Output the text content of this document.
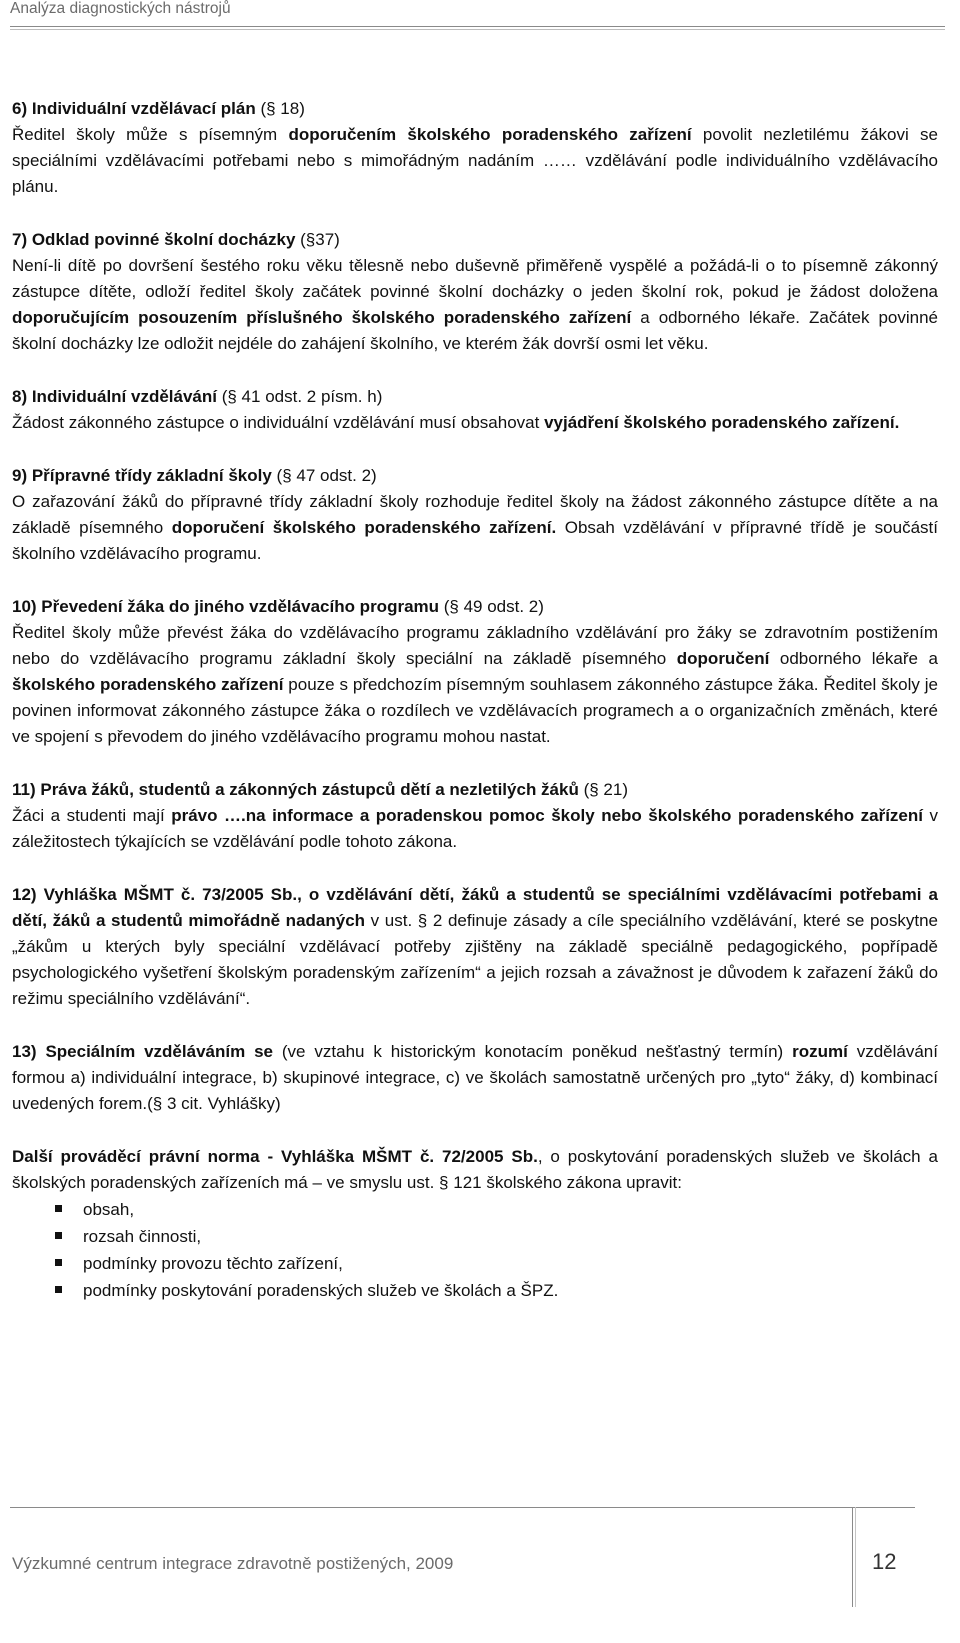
Analýza diagnostických nástrojů

6) Individuální vzdělávací plán (§ 18)

Ředitel školy může s písemným doporučením školského poradenského zařízení povolit nezletilému žákovi se speciálními vzdělávacími potřebami nebo s mimořádným nadáním …… vzdělávání podle individuálního vzdělávacího plánu.

7) Odklad povinné školní docházky (§37)

Není-li dítě po dovršení šestého roku věku tělesně nebo duševně přiměřeně vyspělé a požádá-li o to písemně zákonný zástupce dítěte, odloží ředitel školy začátek povinné školní docházky o jeden školní rok, pokud je žádost doložena doporučujícím posouzením příslušného školského poradenského zařízení a odborného lékaře. Začátek povinné školní docházky lze odložit nejdéle do zahájení školního, ve kterém žák dovrší osmi let věku.

8) Individuální vzdělávání (§ 41 odst. 2 písm. h)

Žádost zákonného zástupce o individuální vzdělávání musí obsahovat vyjádření školského poradenského zařízení.

9) Přípravné třídy základní školy (§ 47 odst. 2)

O zařazování žáků do přípravné třídy základní školy rozhoduje ředitel školy na žádost zákonného zástupce dítěte a na základě písemného doporučení školského poradenského zařízení. Obsah vzdělávání v přípravné třídě je součástí školního vzdělávacího programu.

10) Převedení žáka do jiného vzdělávacího programu (§ 49 odst. 2)

Ředitel školy může převést žáka do vzdělávacího programu základního vzdělávání pro žáky se zdravotním postižením nebo do vzdělávacího programu základní školy speciální na základě písemného doporučení odborného lékaře a školského poradenského zařízení pouze s předchozím písemným souhlasem zákonného zástupce žáka. Ředitel školy je povinen informovat zákonného zástupce žáka o rozdílech ve vzdělávacích programech a o organizačních změnách, které ve spojení s převodem do jiného vzdělávacího programu mohou nastat.

11) Práva žáků, studentů a zákonných zástupců dětí a nezletilých žáků (§ 21)

Žáci a studenti mají právo ….na informace a poradenskou pomoc školy nebo školského poradenského zařízení v záležitostech týkajících se vzdělávání podle tohoto zákona.

12) Vyhláška MŠMT č. 73/2005 Sb., o vzdělávání dětí, žáků a studentů se speciálními vzdělávacími potřebami a dětí, žáků a studentů mimořádně nadaných v ust. § 2 definuje zásady a cíle speciálního vzdělávání, které se poskytne „žákům u kterých byly speciální vzdělávací potřeby zjištěny na základě speciálně pedagogického, popřípadě psychologického vyšetření školským poradenským zařízením“ a jejich rozsah a závažnost je důvodem k zařazení žáků do režimu speciálního vzdělávání“.

13) Speciálním vzděláváním se (ve vztahu k historickým konotacím poněkud nešťastný termín) rozumí vzdělávání formou a) individuální integrace, b) skupinové integrace, c) ve školách samostatně určených pro „tyto“ žáky, d) kombinací uvedených forem.(§ 3 cit. Vyhlášky)

Další prováděcí právní norma - Vyhláška MŠMT č. 72/2005 Sb., o poskytování poradenských služeb ve školách a školských poradenských zařízeních má – ve smyslu ust. § 121 školského zákona upravit:

obsah,
rozsah činnosti,
podmínky provozu těchto zařízení,
podmínky poskytování poradenských služeb ve školách a ŠPZ.
Výzkumné centrum integrace zdravotně postižených, 2009	12
